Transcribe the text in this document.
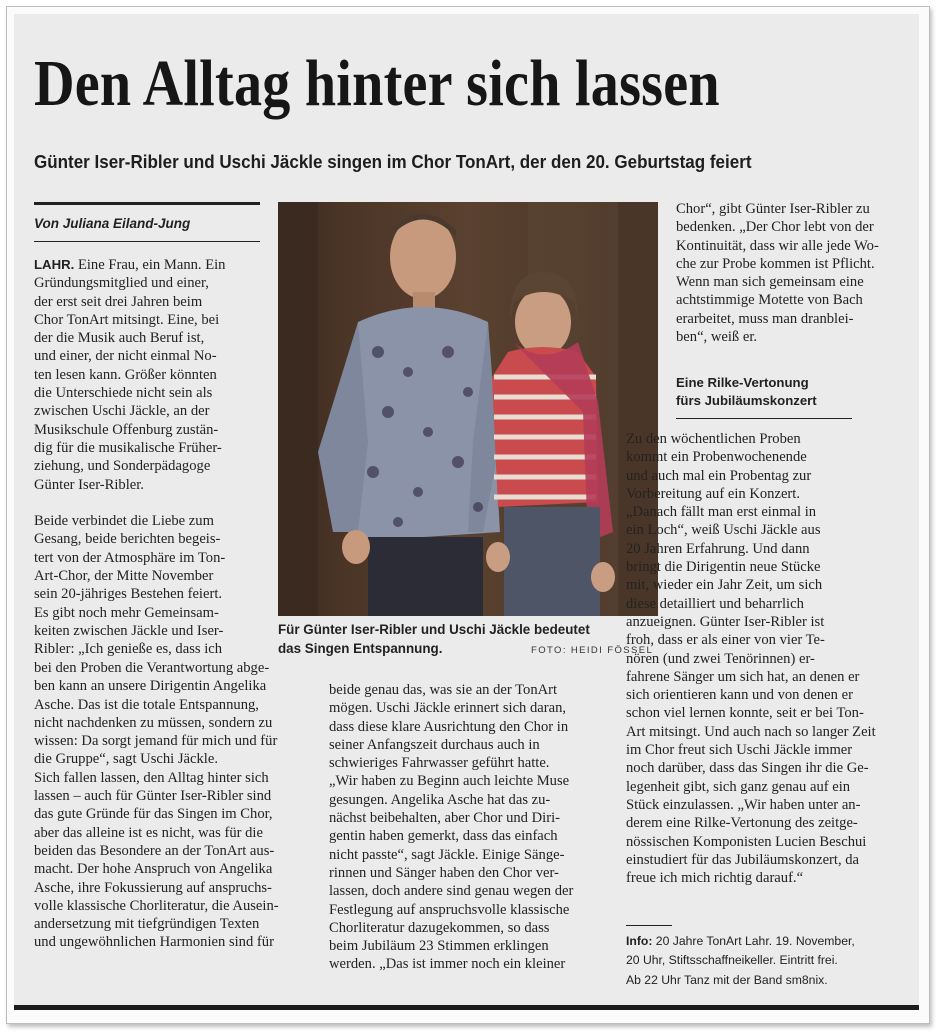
Den Alltag hinter sich lassen
Günter Iser-Ribler und Uschi Jäckle singen im Chor TonArt, der den 20. Geburtstag feiert
Von Juliana Eiland-Jung
LAHR. Eine Frau, ein Mann. Ein
Gründungsmitglied und einer,
der erst seit drei Jahren beim
Chor TonArt mitsingt. Eine, bei
der die Musik auch Beruf ist,
und einer, der nicht einmal No-
ten lesen kann. Größer könnten
die Unterschiede nicht sein als
zwischen Uschi Jäckle, an der
Musikschule Offenburg zustän-
dig für die musikalische Früher-
ziehung, und Sonderpädagoge
Günter Iser-Ribler.
Beide verbindet die Liebe zum
Gesang, beide berichten begeis-
tert von der Atmosphäre im Ton-
Art-Chor, der Mitte November
sein 20-jähriges Bestehen feiert.
Es gibt noch mehr Gemeinsam-
keiten zwischen Jäckle und Iser-
Ribler: „Ich genieße es, dass ich
bei den Proben die Verantwortung abge-
ben kann an unsere Dirigentin Angelika
Asche. Das ist die totale Entspannung,
nicht nachdenken zu müssen, sondern zu
wissen: Da sorgt jemand für mich und für
die Gruppe“, sagt Uschi Jäckle.
Sich fallen lassen, den Alltag hinter sich
lassen – auch für Günter Iser-Ribler sind
das gute Gründe für das Singen im Chor,
aber das alleine ist es nicht, was für die
beiden das Besondere an der TonArt aus-
macht. Der hohe Anspruch von Angelika
Asche, ihre Fokussierung auf anspruchs-
volle klassische Chorliteratur, die Ausein-
andersetzung mit tiefgründigen Texten
und ungewöhnlichen Harmonien sind für
Für Günter Iser-Ribler und Uschi Jäckle bedeutet
das Singen Entspannung.	FOTO: HEIDI FÖSSEL
beide genau das, was sie an der TonArt
mögen. Uschi Jäckle erinnert sich daran,
dass diese klare Ausrichtung den Chor in
seiner Anfangszeit durchaus auch in
schwieriges Fahrwasser geführt hatte.
„Wir haben zu Beginn auch leichte Muse
gesungen. Angelika Asche hat das zu-
nächst beibehalten, aber Chor und Diri-
gentin haben gemerkt, dass das einfach
nicht passte“, sagt Jäckle. Einige Sänge-
rinnen und Sänger haben den Chor ver-
lassen, doch andere sind genau wegen der
Festlegung auf anspruchsvolle klassische
Chorliteratur dazugekommen, so dass
beim Jubiläum 23 Stimmen erklingen
werden. „Das ist immer noch ein kleiner
Chor“, gibt Günter Iser-Ribler zu
bedenken. „Der Chor lebt von der
Kontinuität, dass wir alle jede Wo-
che zur Probe kommen ist Pflicht.
Wenn man sich gemeinsam eine
achtstimmige Motette von Bach
erarbeitet, muss man dranblei-
ben“, weiß er.
Eine Rilke-Vertonung
fürs Jubiläumskonzert
Zu den wöchentlichen Proben
kommt ein Probenwochenende
und auch mal ein Probentag zur
Vorbereitung auf ein Konzert.
„Danach fällt man erst einmal in
ein Loch“, weiß Uschi Jäckle aus
20 Jahren Erfahrung. Und dann
bringt die Dirigentin neue Stücke
mit, wieder ein Jahr Zeit, um sich
diese detailliert und beharrlich
anzueignen. Günter Iser-Ribler ist
froh, dass er als einer von vier Te-
nören (und zwei Tenörinnen) er-
fahrene Sänger um sich hat, an denen er
sich orientieren kann und von denen er
schon viel lernen konnte, seit er bei Ton-
Art mitsingt. Und auch nach so langer Zeit
im Chor freut sich Uschi Jäckle immer
noch darüber, dass das Singen ihr die Ge-
legenheit gibt, sich ganz genau auf ein
Stück einzulassen. „Wir haben unter an-
derem eine Rilke-Vertonung des zeitge-
nössischen Komponisten Lucien Beschui
einstudiert für das Jubiläumskonzert, da
freue ich mich richtig darauf.“
Info: 20 Jahre TonArt Lahr. 19. November,
20 Uhr, Stiftsschaffneikeller. Eintritt frei.
Ab 22 Uhr Tanz mit der Band sm8nix.
